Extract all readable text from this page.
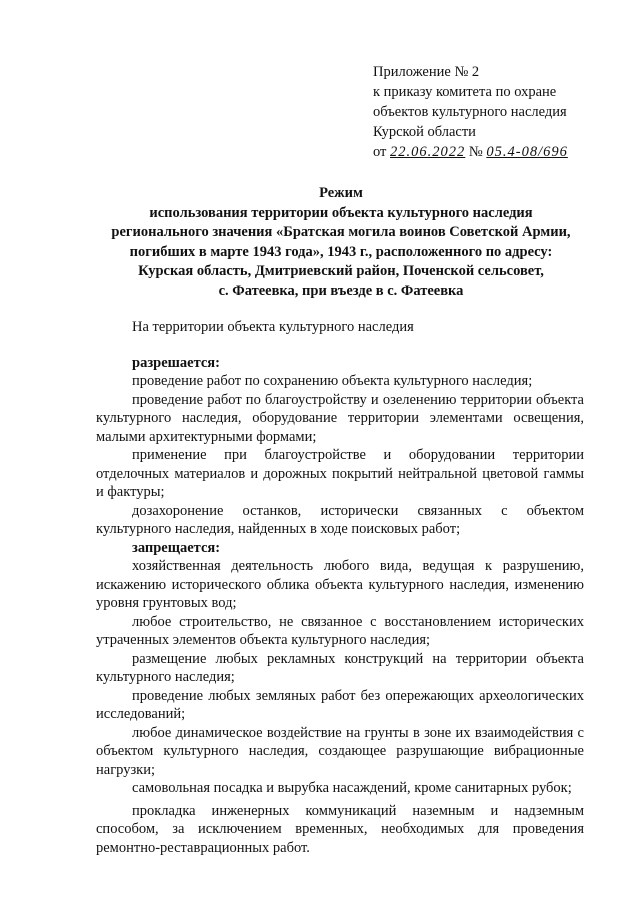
Приложение № 2
к приказу комитета по охране
объектов культурного наследия
Курской области
от 22.06.2022 № 05.4-08/696
Режим
использования территории объекта культурного наследия
регионального значения «Братская могила воинов Советской Армии,
погибших в марте 1943 года», 1943 г., расположенного по адресу:
Курская область, Дмитриевский район, Поченской сельсовет,
с. Фатеевка, при въезде в с. Фатеевка

На территории объекта культурного наследия

разрешается:

проведение работ по сохранению объекта культурного наследия;

проведение работ по благоустройству и озеленению территории объекта культурного наследия, оборудование территории элементами освещения, малыми архитектурными формами;

применение при благоустройстве и оборудовании территории отделочных материалов и дорожных покрытий нейтральной цветовой гаммы и фактуры;

дозахоронение останков, исторически связанных с объектом культурного наследия, найденных в ходе поисковых работ;

запрещается:

хозяйственная деятельность любого вида, ведущая к разрушению, искажению исторического облика объекта культурного наследия, изменению уровня грунтовых вод;

любое строительство, не связанное с восстановлением исторических утраченных элементов объекта культурного наследия;

размещение любых рекламных конструкций на территории объекта культурного наследия;

проведение любых земляных работ без опережающих археологических исследований;

любое динамическое воздействие на грунты в зоне их взаимодействия с объектом культурного наследия, создающее разрушающие вибрационные нагрузки;

самовольная посадка и вырубка насаждений, кроме санитарных рубок;

прокладка инженерных коммуникаций наземным и надземным способом, за исключением временных, необходимых для проведения ремонтно-реставрационных работ.
